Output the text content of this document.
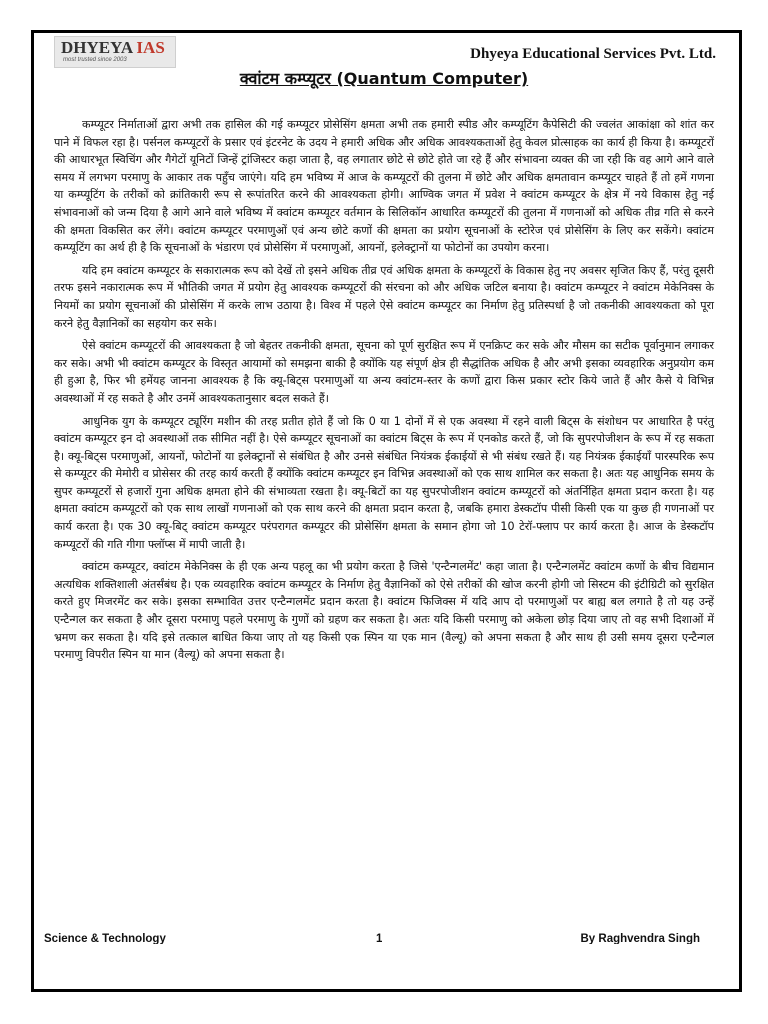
DHYEYA IAS
most trusted since 2003	Dhyeya Educational Services Pvt. Ltd.
क्वांटम कम्प्यूटर (Quantum Computer)

कम्प्यूटर निर्माताओं द्वारा अभी तक हासिल की गई कम्प्यूटर प्रोसेसिंग क्षमता अभी तक हमारी स्पीड और कम्प्यूटिंग कैपेसिटी की ज्वलंत आकांक्षा को शांत कर पाने में विफल रहा है। पर्सनल कम्प्यूटरों के प्रसार एवं इंटरनेट के उदय ने हमारी अधिक और अधिक आवश्यकताओं हेतु केवल प्रोत्साहक का कार्य ही किया है। कम्प्यूटरों की आधारभूत स्विचिंग और गैगेटों यूनिटों जिन्हें ट्रांजिस्टर कहा जाता है, वह लगातार छोटे से छोटे होते जा रहे हैं और संभावना व्यक्त की जा रही कि वह आगे आने वाले समय में लगभग परमाणु के आकार तक पहुँच जाएंगे। यदि हम भविष्य में आज के कम्प्यूटरों की तुलना में छोटे और अधिक क्षमतावान कम्प्यूटर चाहते हैं तो हमें गणना या कम्प्यूटिंग के तरीकों को क्रांतिकारी रूप से रूपांतरित करने की आवश्यकता होगी। आण्विक जगत में प्रवेश ने क्वांटम कम्प्यूटर के क्षेत्र में नये विकास हेतु नई संभावनाओं को जन्म दिया है आगे आने वाले भविष्य में क्वांटम कम्प्यूटर वर्तमान के सिलिकॉन आधारित कम्प्यूटरों की तुलना में गणनाओं को अधिक तीव्र गति से करने की क्षमता विकसित कर लेंगे। क्वांटम कम्प्यूटर परमाणुओं एवं अन्य छोटे कणों की क्षमता का प्रयोग सूचनाओं के स्टोरेज एवं प्रोसेसिंग के लिए कर सकेंगे। क्वांटम कम्प्यूटिंग का अर्थ ही है कि सूचनाओं के भंडारण एवं प्रोसेसिंग में परमाणुओं, आयनों, इलेक्ट्रानों या फोटोनों का उपयोग करना।

यदि हम क्वांटम कम्प्यूटर के सकारात्मक रूप को देखें तो इसने अधिक तीव्र एवं अधिक क्षमता के कम्प्यूटरों के विकास हेतु नए अवसर सृजित किए हैं, परंतु दूसरी तरफ इसने नकारात्मक रूप में भौतिकी जगत में प्रयोग हेतु आवश्यक कम्प्यूटरों की संरचना को और अधिक जटिल बनाया है। क्वांटम कम्प्यूटर ने क्वांटम मेकेनिक्स के नियमों का प्रयोग सूचनाओं की प्रोसेसिंग में करके लाभ उठाया है। विश्व में पहले ऐसे क्वांटम कम्प्यूटर का निर्माण हेतु प्रतिस्पर्धा है जो तकनीकी आवश्यकता को पूरा करने हेतु वैज्ञानिकों का सहयोग कर सके।

ऐसे क्वांटम कम्प्यूटरों की आवश्यकता है जो बेहतर तकनीकी क्षमता, सूचना को पूर्ण सुरक्षित रूप में एनक्रिप्ट कर सके और मौसम का सटीक पूर्वानुमान लगाकर कर सके। अभी भी क्वांटम कम्प्यूटर के विस्तृत आयामों को समझना बाकी है क्योंकि यह संपूर्ण क्षेत्र ही सैद्धांतिक अधिक है और अभी इसका व्यवहारिक अनुप्रयोग कम ही हुआ है, फिर भी हमेंयह जानना आवश्यक है कि क्यू-बिट्स परमाणुओं या अन्य क्वांटम-स्तर के कणों द्वारा किस प्रकार स्टोर किये जाते हैं और कैसे ये विभिन्न अवस्थाओं में रह सकते है और उनमें आवश्यकतानुसार बदल सकते हैं।

आधुनिक युग के कम्प्यूटर ट्यूरिंग मशीन की तरह प्रतीत होते हैं जो कि 0 या 1 दोनों में से एक अवस्था में रहने वाली बिट्स के संशोधन पर आधारित है परंतु क्वांटम कम्प्यूटर इन दो अवस्थाओं तक सीमित नहीं है। ऐसे कम्प्यूटर सूचनाओं का क्वांटम बिट्स के रूप में एनकोड करते हैं, जो कि सुपरपोजीशन के रूप में रह सकता है। क्यू-बिट्स परमाणुओं, आयनों, फोटोनों या इलेक्ट्रानों से संबंधित है और उनसे संबंधित नियंत्रक ईकाईयों से भी संबंध रखते हैं। यह नियंत्रक ईकाईयाँ पारस्परिक रूप से कम्प्यूटर की मेमोरी व प्रोसेसर की तरह कार्य करती हैं क्योंकि क्वांटम कम्प्यूटर इन विभिन्न अवस्थाओं को एक साथ शामिल कर सकता है। अतः यह आधुनिक समय के सुपर कम्प्यूटरों से हजारों गुना अधिक क्षमता होने की संभाव्यता रखता है। क्यू-बिटों का यह सुपरपोजीशन क्वांटम कम्प्यूटरों को अंतर्निहित क्षमता प्रदान करता है। यह क्षमता क्वांटम कम्प्यूटरों को एक साथ लाखों गणनाओं को एक साथ करने की क्षमता प्रदान करता है, जबकि हमारा डेस्कटॉप पीसी किसी एक या कुछ ही गणनाओं पर कार्य करता है। एक 30 क्यू-बिट् क्वांटम कम्प्यूटर परंपरागत कम्प्यूटर की प्रोसेसिंग क्षमता के समान होगा जो 10 टेरॉ-फ्लाप पर कार्य करता है। आज के डेस्कटॉप कम्प्यूटरों की गति गीगा फ्लॉप्स में मापी जाती है।

क्वांटम कम्प्यूटर, क्वांटम मेकेनिक्स के ही एक अन्य पहलू का भी प्रयोग करता है जिसे 'एन्टैन्गलमेंट' कहा जाता है। एन्टैन्गलमेंट क्वांटम कणों के बीच विद्यमान अत्यधिक शक्तिशाली अंतर्संबंध है। एक व्यवहारिक क्वांटम कम्प्यूटर के निर्माण हेतु वैज्ञानिकों को ऐसे तरीकों की खोज करनी होगी जो सिस्टम की इंटीग्रिटी को सुरक्षित करते हुए मिजरमेंट कर सके। इसका सम्भावित उत्तर एन्टैन्गलमेंट प्रदान करता है। क्वांटम फिजिक्स में यदि आप दो परमाणुओं पर बाह्य बल लगाते है तो यह उन्हें एन्टैन्गल कर सकता है और दूसरा परमाणु पहले परमाणु के गुणों को ग्रहण कर सकता है। अतः यदि किसी परमाणु को अकेला छोड़ दिया जाए तो वह सभी दिशाओं में भ्रमण कर सकता है। यदि इसे तत्काल बाधित किया जाए तो यह किसी एक स्पिन या एक मान (वैल्यू) को अपना सकता है और साथ ही उसी समय दूसरा एन्टैन्गल परमाणु विपरीत स्पिन या मान (वैल्यू) को अपना सकता है।

Science & Technology	1	By Raghvendra Singh
